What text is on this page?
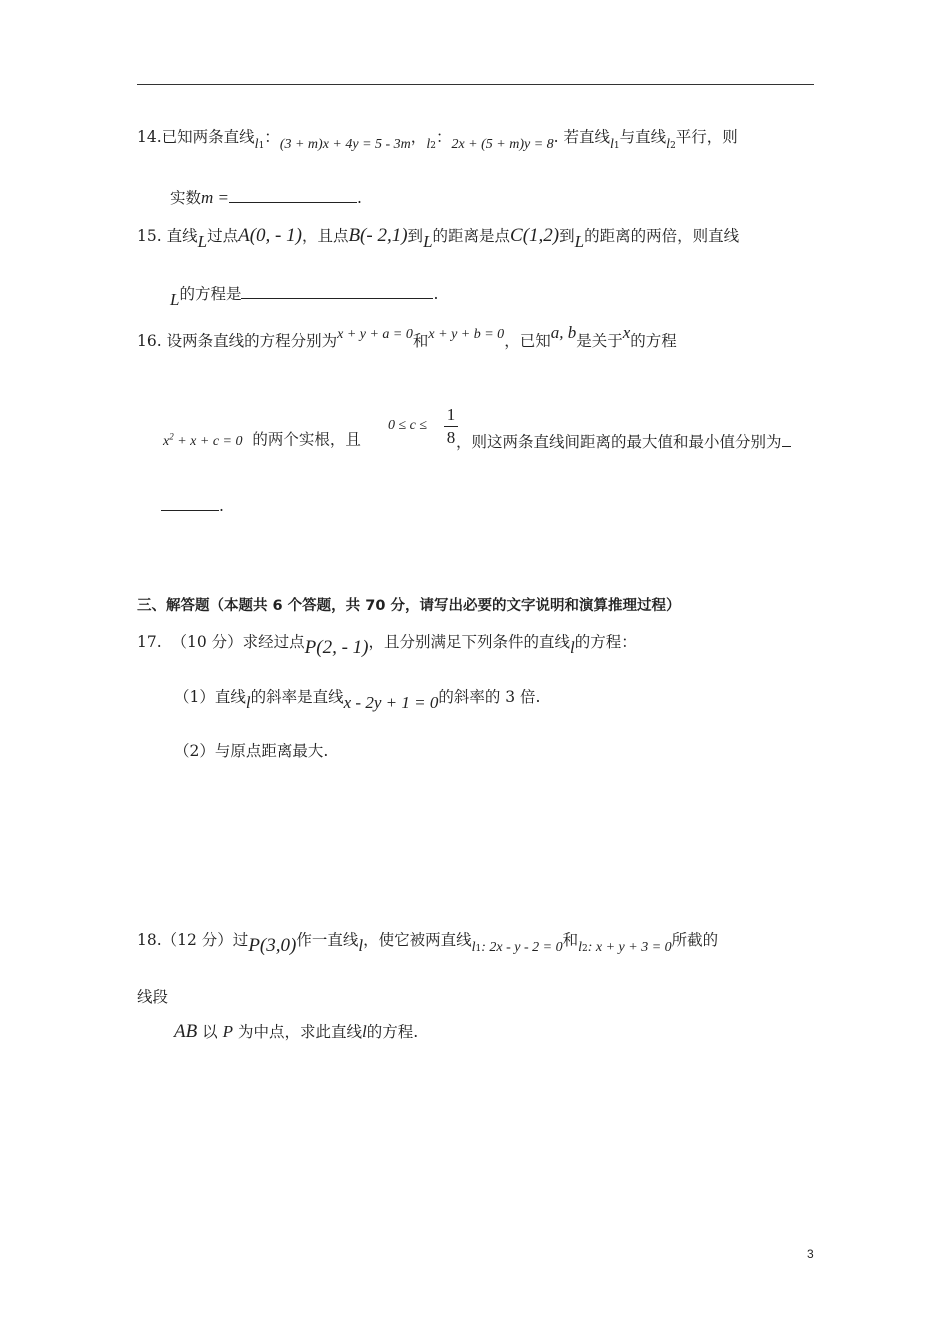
14.已知两条直线$l_1$：(3 + m)x + 4y = 5 - 3m，$l_2$：2x + (5 + m)y = 8. 若直线$l_1$与直线$l_2$平行，则
实数m =	.
15. 直线L过点A(0, - 1)，且点B(- 2,1)到L的距离是点C(1,2)到L的距离的两倍，则直线
L的方程是	.
16. 设两条直线的方程分别为x + y + a = 0和x + y + b = 0，已知a, b是关于x的方程
$x^2 + x + c = 0$ 的两个实根，且
0 ≤ c ≤
1
8 ，则这两条直线间距离的最大值和最小值分别为
.
三、解答题（本题共 6 个答题，共 70 分，请写出必要的文字说明和演算推理过程）
17. （10 分）求经过点P(2, - 1)，且分别满足下列条件的直线l的方程：
（1）直线l的斜率是直线x - 2y + 1 = 0的斜率的 3 倍.
（2）与原点距离最大.
18.（12 分）过P(3,0)作一直线l，使它被两直线$l_1$: 2x - y - 2 = 0和$l_2$: x + y + 3 = 0所截的
线段
AB 以 P 为中点，求此直线l的方程.
3
